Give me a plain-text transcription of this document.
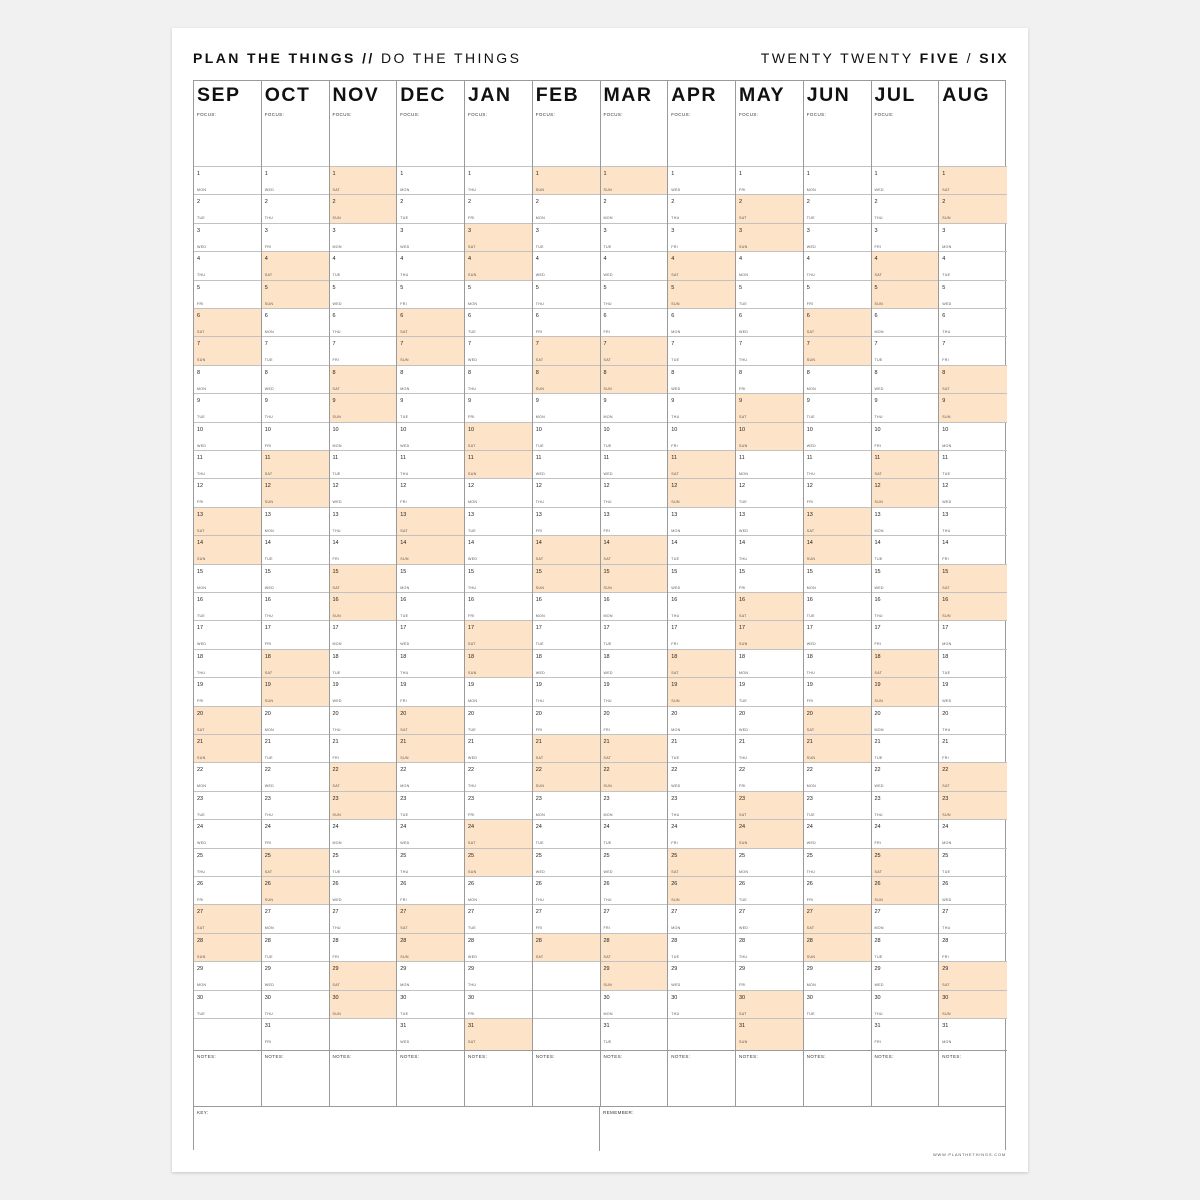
PLAN THE THINGS // DO THE THINGS	TWENTY TWENTY FIVE / SIX
AUG
1
SAT
2
SUN
3
MON
4
TUE
5
WED
6
THU
7
FRI
8
SAT
9
SUN
10
MON
11
TUE
12
WED
13
THU
14
FRI
15
SAT
16
SUN
17
MON
18
TUE
19
WED
20
THU
21
FRI
22
SAT
23
SUN
24
MON
25
TUE
26
WED
27
THU
28
FRI
29
SAT
30
SUN
31
MON
NOTES:
JUL
FOCUS:
1
WED
2
THU
3
FRI
4
SAT
5
SUN
6
MON
7
TUE
8
WED
9
THU
10
FRI
11
SAT
12
SUN
13
MON
14
TUE
15
WED
16
THU
17
FRI
18
SAT
19
SUN
20
MON
21
TUE
22
WED
23
THU
24
FRI
25
SAT
26
SUN
27
MON
28
TUE
29
WED
30
THU
31
FRI
NOTES:
JUN
FOCUS:
1
MON
2
TUE
3
WED
4
THU
5
FRI
6
SAT
7
SUN
8
MON
9
TUE
10
WED
11
THU
12
FRI
13
SAT
14
SUN
15
MON
16
TUE
17
WED
18
THU
19
FRI
20
SAT
21
SUN
22
MON
23
TUE
24
WED
25
THU
26
FRI
27
SAT
28
SUN
29
MON
30
TUE
NOTES:
MAY
FOCUS:
1
FRI
2
SAT
3
SUN
4
MON
5
TUE
6
WED
7
THU
8
FRI
9
SAT
10
SUN
11
MON
12
TUE
13
WED
14
THU
15
FRI
16
SAT
17
SUN
18
MON
19
TUE
20
WED
21
THU
22
FRI
23
SAT
24
SUN
25
MON
26
TUE
27
WED
28
THU
29
FRI
30
SAT
31
SUN
NOTES:
APR
FOCUS:
1
WED
2
THU
3
FRI
4
SAT
5
SUN
6
MON
7
TUE
8
WED
9
THU
10
FRI
11
SAT
12
SUN
13
MON
14
TUE
15
WED
16
THU
17
FRI
18
SAT
19
SUN
20
MON
21
TUE
22
WED
23
THU
24
FRI
25
SAT
26
SUN
27
MON
28
TUE
29
WED
30
THU
NOTES:
MAR
FOCUS:
1
SUN
2
MON
3
TUE
4
WED
5
THU
6
FRI
7
SAT
8
SUN
9
MON
10
TUE
11
WED
12
THU
13
FRI
14
SAT
15
SUN
16
MON
17
TUE
18
WED
19
THU
20
FRI
21
SAT
22
SUN
23
MON
24
TUE
25
WED
26
THU
27
FRI
28
SAT
29
SUN
30
MON
31
TUE
NOTES:
FEB
FOCUS:
1
SUN
2
MON
3
TUE
4
WED
5
THU
6
FRI
7
SAT
8
SUN
9
MON
10
TUE
11
WED
12
THU
13
FRI
14
SAT
15
SUN
16
MON
17
TUE
18
WED
19
THU
20
FRI
21
SAT
22
SUN
23
MON
24
TUE
25
WED
26
THU
27
FRI
28
SAT
NOTES:
JAN
FOCUS:
1
THU
2
FRI
3
SAT
4
SUN
5
MON
6
TUE
7
WED
8
THU
9
FRI
10
SAT
11
SUN
12
MON
13
TUE
14
WED
15
THU
16
FRI
17
SAT
18
SUN
19
MON
20
TUE
21
WED
22
THU
23
FRI
24
SAT
25
SUN
26
MON
27
TUE
28
WED
29
THU
30
FRI
31
SAT
NOTES:
DEC
FOCUS:
1
MON
2
TUE
3
WED
4
THU
5
FRI
6
SAT
7
SUN
8
MON
9
TUE
10
WED
11
THU
12
FRI
13
SAT
14
SUN
15
MON
16
TUE
17
WED
18
THU
19
FRI
20
SAT
21
SUN
22
MON
23
TUE
24
WED
25
THU
26
FRI
27
SAT
28
SUN
29
MON
30
TUE
31
WED
NOTES:
NOV
FOCUS:
1
SAT
2
SUN
3
MON
4
TUE
5
WED
6
THU
7
FRI
8
SAT
9
SUN
10
MON
11
TUE
12
WED
13
THU
14
FRI
15
SAT
16
SUN
17
MON
18
TUE
19
WED
20
THU
21
FRI
22
SAT
23
SUN
24
MON
25
TUE
26
WED
27
THU
28
FRI
29
SAT
30
SUN
NOTES:
OCT
FOCUS:
1
WED
2
THU
3
FRI
4
SAT
5
SUN
6
MON
7
TUE
8
WED
9
THU
10
FRI
11
SAT
12
SUN
13
MON
14
TUE
15
WED
16
THU
17
FRI
18
SAT
19
SUN
20
MON
21
TUE
22
WED
23
THU
24
FRI
25
SAT
26
SUN
27
MON
28
TUE
29
WED
30
THU
31
FRI
NOTES:
SEP
FOCUS:
1
MON
2
TUE
3
WED
4
THU
5
FRI
6
SAT
7
SUN
8
MON
9
TUE
10
WED
11
THU
12
FRI
13
SAT
14
SUN
15
MON
16
TUE
17
WED
18
THU
19
FRI
20
SAT
21
SUN
22
MON
23
TUE
24
WED
25
THU
26
FRI
27
SAT
28
SUN
29
MON
30
TUE
NOTES:
KEY:	REMEMBER:
WWW.PLANTHETHINGS.COM
